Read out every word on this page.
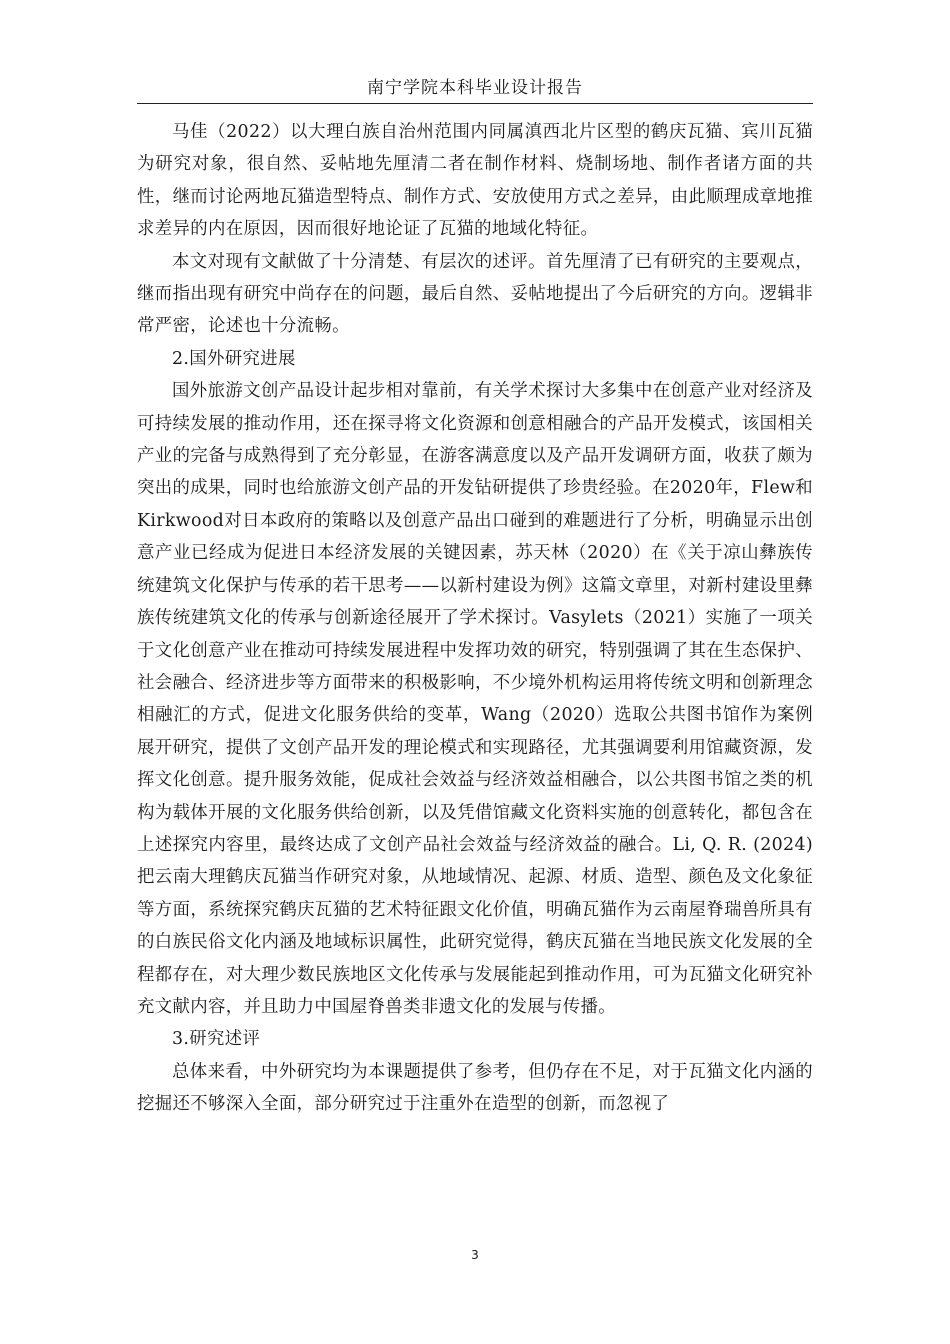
南宁学院本科毕业设计报告

马佳（2022）以大理白族自治州范围内同属滇西北片区型的鹤庆瓦猫、宾川瓦猫为研究对象，很自然、妥帖地先厘清二者在制作材料、烧制场地、制作者诸方面的共性，继而讨论两地瓦猫造型特点、制作方式、安放使用方式之差异，由此顺理成章地推求差异的内在原因，因而很好地论证了瓦猫的地域化特征。

本文对现有文献做了十分清楚、有层次的述评。首先厘清了已有研究的主要观点，继而指出现有研究中尚存在的问题，最后自然、妥帖地提出了今后研究的方向。逻辑非常严密，论述也十分流畅。

2.国外研究进展

国外旅游文创产品设计起步相对靠前，有关学术探讨大多集中在创意产业对经济及可持续发展的推动作用，还在探寻将文化资源和创意相融合的产品开发模式，该国相关产业的完备与成熟得到了充分彰显，在游客满意度以及产品开发调研方面，收获了颇为突出的成果，同时也给旅游文创产品的开发钻研提供了珍贵经验。在2020年，Flew和Kirkwood对日本政府的策略以及创意产品出口碰到的难题进行了分析，明确显示出创意产业已经成为促进日本经济发展的关键因素，苏天林（2020）在《关于凉山彝族传统建筑文化保护与传承的若干思考——以新村建设为例》这篇文章里，对新村建设里彝族传统建筑文化的传承与创新途径展开了学术探讨。Vasylets（2021）实施了一项关于文化创意产业在推动可持续发展进程中发挥功效的研究，特别强调了其在生态保护、社会融合、经济进步等方面带来的积极影响，不少境外机构运用将传统文明和创新理念相融汇的方式，促进文化服务供给的变革，Wang（2020）选取公共图书馆作为案例展开研究，提供了文创产品开发的理论模式和实现路径，尤其强调要利用馆藏资源，发挥文化创意。提升服务效能，促成社会效益与经济效益相融合，以公共图书馆之类的机构为载体开展的文化服务供给创新，以及凭借馆藏文化资料实施的创意转化，都包含在上述探究内容里，最终达成了文创产品社会效益与经济效益的融合。Li, Q. R. (2024) 把云南大理鹤庆瓦猫当作研究对象，从地域情况、起源、材质、造型、颜色及文化象征等方面，系统探究鹤庆瓦猫的艺术特征跟文化价值，明确瓦猫作为云南屋脊瑞兽所具有的白族民俗文化内涵及地域标识属性，此研究觉得，鹤庆瓦猫在当地民族文化发展的全程都存在，对大理少数民族地区文化传承与发展能起到推动作用，可为瓦猫文化研究补充文献内容，并且助力中国屋脊兽类非遗文化的发展与传播。

3.研究述评

总体来看，中外研究均为本课题提供了参考，但仍存在不足，对于瓦猫文化内涵的挖掘还不够深入全面，部分研究过于注重外在造型的创新，而忽视了

3
